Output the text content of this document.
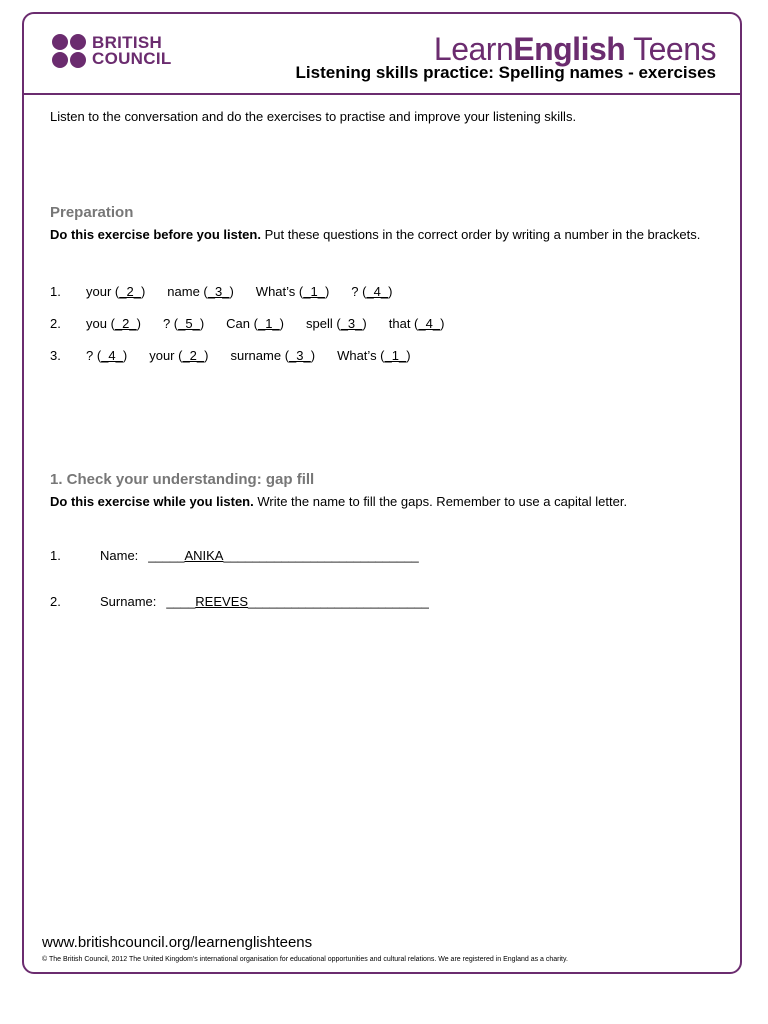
BRITISH
COUNCIL	LearnEnglish Teens
Listening skills practice: Spelling names - exercises
Listen to the conversation and do the exercises to practise and improve your listening skills.
Preparation
Do this exercise before you listen. Put these questions in the correct order by writing a number in the brackets.
1. your (_2_) name (_3_) What’s (_1_) ? (_4_)
2. you (_2_) ? (_5_) Can (_1_) spell (_3_) that (_4_)
3. ? (_4_) your (_2_) surname (_3_) What’s (_1_)
1. Check your understanding: gap fill
Do this exercise while you listen. Write the name to fill the gaps. Remember to use a capital letter.
1.	Name: _____ANIKA___________________________
2.	Surname: ____REEVES_________________________
www.britishcouncil.org/learnenglishteens
© The British Council, 2012 The United Kingdom’s international organisation for educational opportunities and cultural relations. We are registered in England as a charity.
